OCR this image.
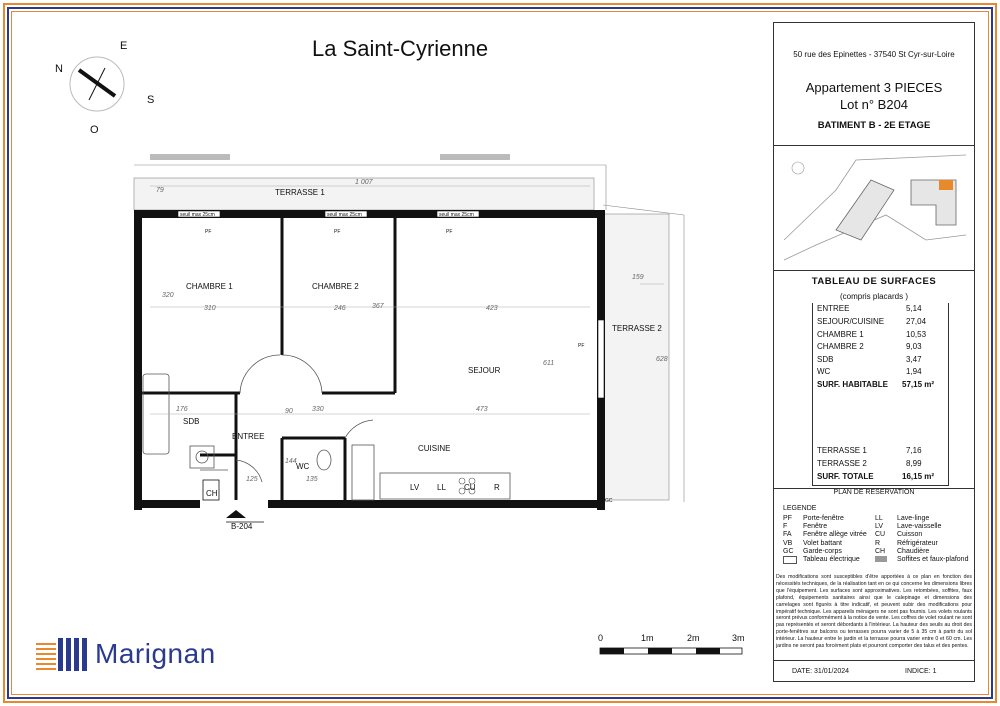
La Saint-Cyrienne
N
E
S
O
TERRASSE 1
TERRASSE 2
CHAMBRE 1	CHAMBRE 2
SEJOUR
CUISINE
SDB
ENTREE
WC
CH
B-204
LV LL CU R
seuil max 25cm	seuil max 25cm	seuil max 25cm
PF	PF	PF
PF
GC
1 007
79
320
310	246	367	423
611
159
628
176	330	473
90
144
135
125
50 rue des Epinettes - 37540 St Cyr-sur-Loire
Appartement 3 PIECES
Lot n° B204
BATIMENT B - 2E ETAGE
TABLEAU DE SURFACES
(compris placards )
ENTREE	5,14
SEJOUR/CUISINE	27,04
CHAMBRE 1	10,53
CHAMBRE 2	9,03
SDB	3,47
WC	1,94
SURF. HABITABLE 57,15 m²
TERRASSE 1	7,16
TERRASSE 2	8,99
SURF. TOTALE	16,15 m²
PLAN DE RESERVATION
LEGENDE
PF Porte-fenêtre
F Fenêtre
FA Fenêtre allège vitrée
VB Volet battant
GC Garde-corps
Tableau électrique
LL Lave-linge
LV Lave-vaisselle
CU Cuisson
R Réfrigérateur
CH Chaudière
Soffites et faux-plafond
Des modifications sont susceptibles d'être apportées à ce plan en fonction des nécessités techniques, de la réalisation tant en ce qui concerne les dimensions libres que l'équipement. Les surfaces sont approximatives. Les retombées, soffites, faux plafond, équipements sanitaires ainsi que le calepinage et dimensions des carrelages sont figurés à titre indicatif, et peuvent subir des modifications pour impératif technique. Les appareils ménagers ne sont pas fournis. Les volets roulants seront prévus conformément à la notice de vente. Les coffres de volet roulant ne sont pas représentés et seront débordants à l'intérieur. La hauteur des seuils au droit des porte-fenêtres sur balcons ou terrasses pourra varier de 5 à 35 cm à partir du sol intérieur. La hauteur entre le jardin et la terrasse pourra varier entre 0 et 60 cm. Les jardins ne seront pas forcément plats et pourront comporter des talus et des pentes.
DATE: 31/01/2024	INDICE: 1
Marignan	0	1m	2m	3m
